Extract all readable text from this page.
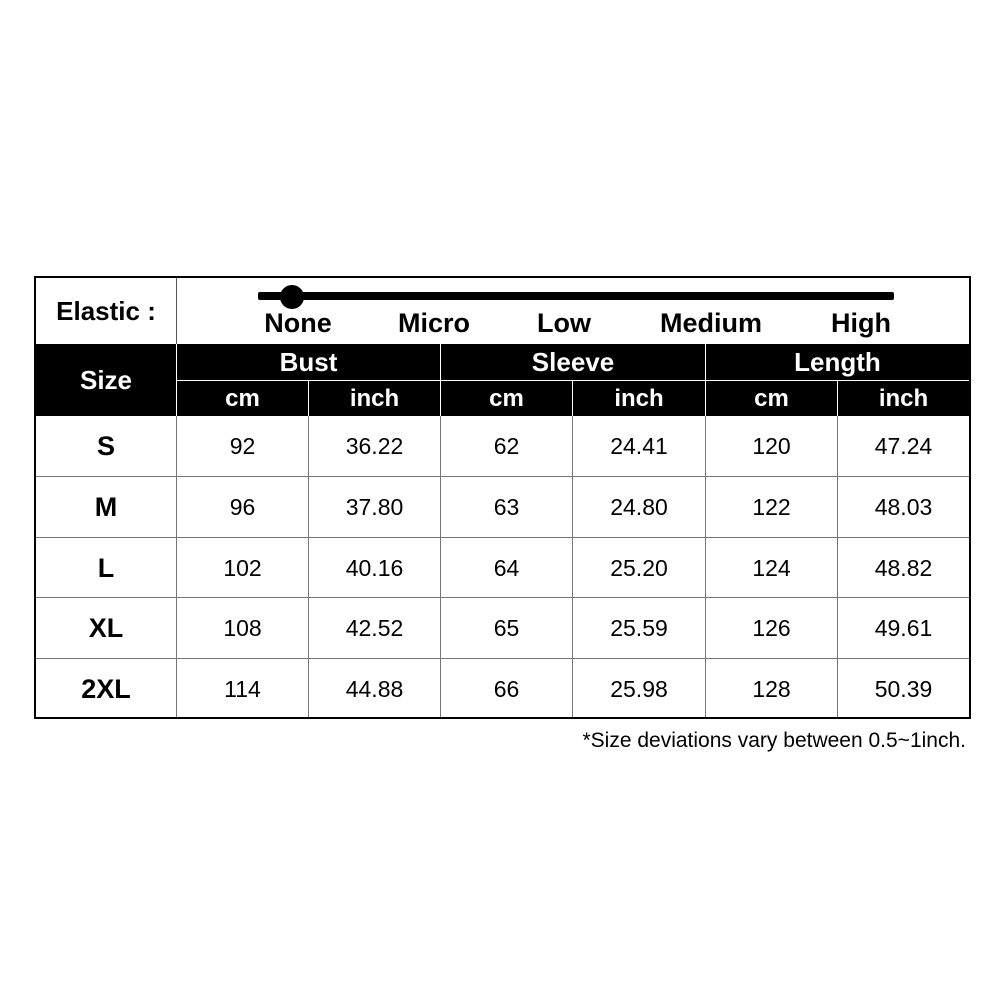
Elastic :	None	Micro	Low	Medium	High
Size
Bust	Sleeve	Length
cm	inch	cm	inch	cm	inch
S	92	36.22	62	24.41	120	47.24
M	96	37.80	63	24.80	122	48.03
L	102	40.16	64	25.20	124	48.82
XL	108	42.52	65	25.59	126	49.61
2XL	114	44.88	66	25.98	128	50.39
*Size deviations vary between 0.5~1inch.
